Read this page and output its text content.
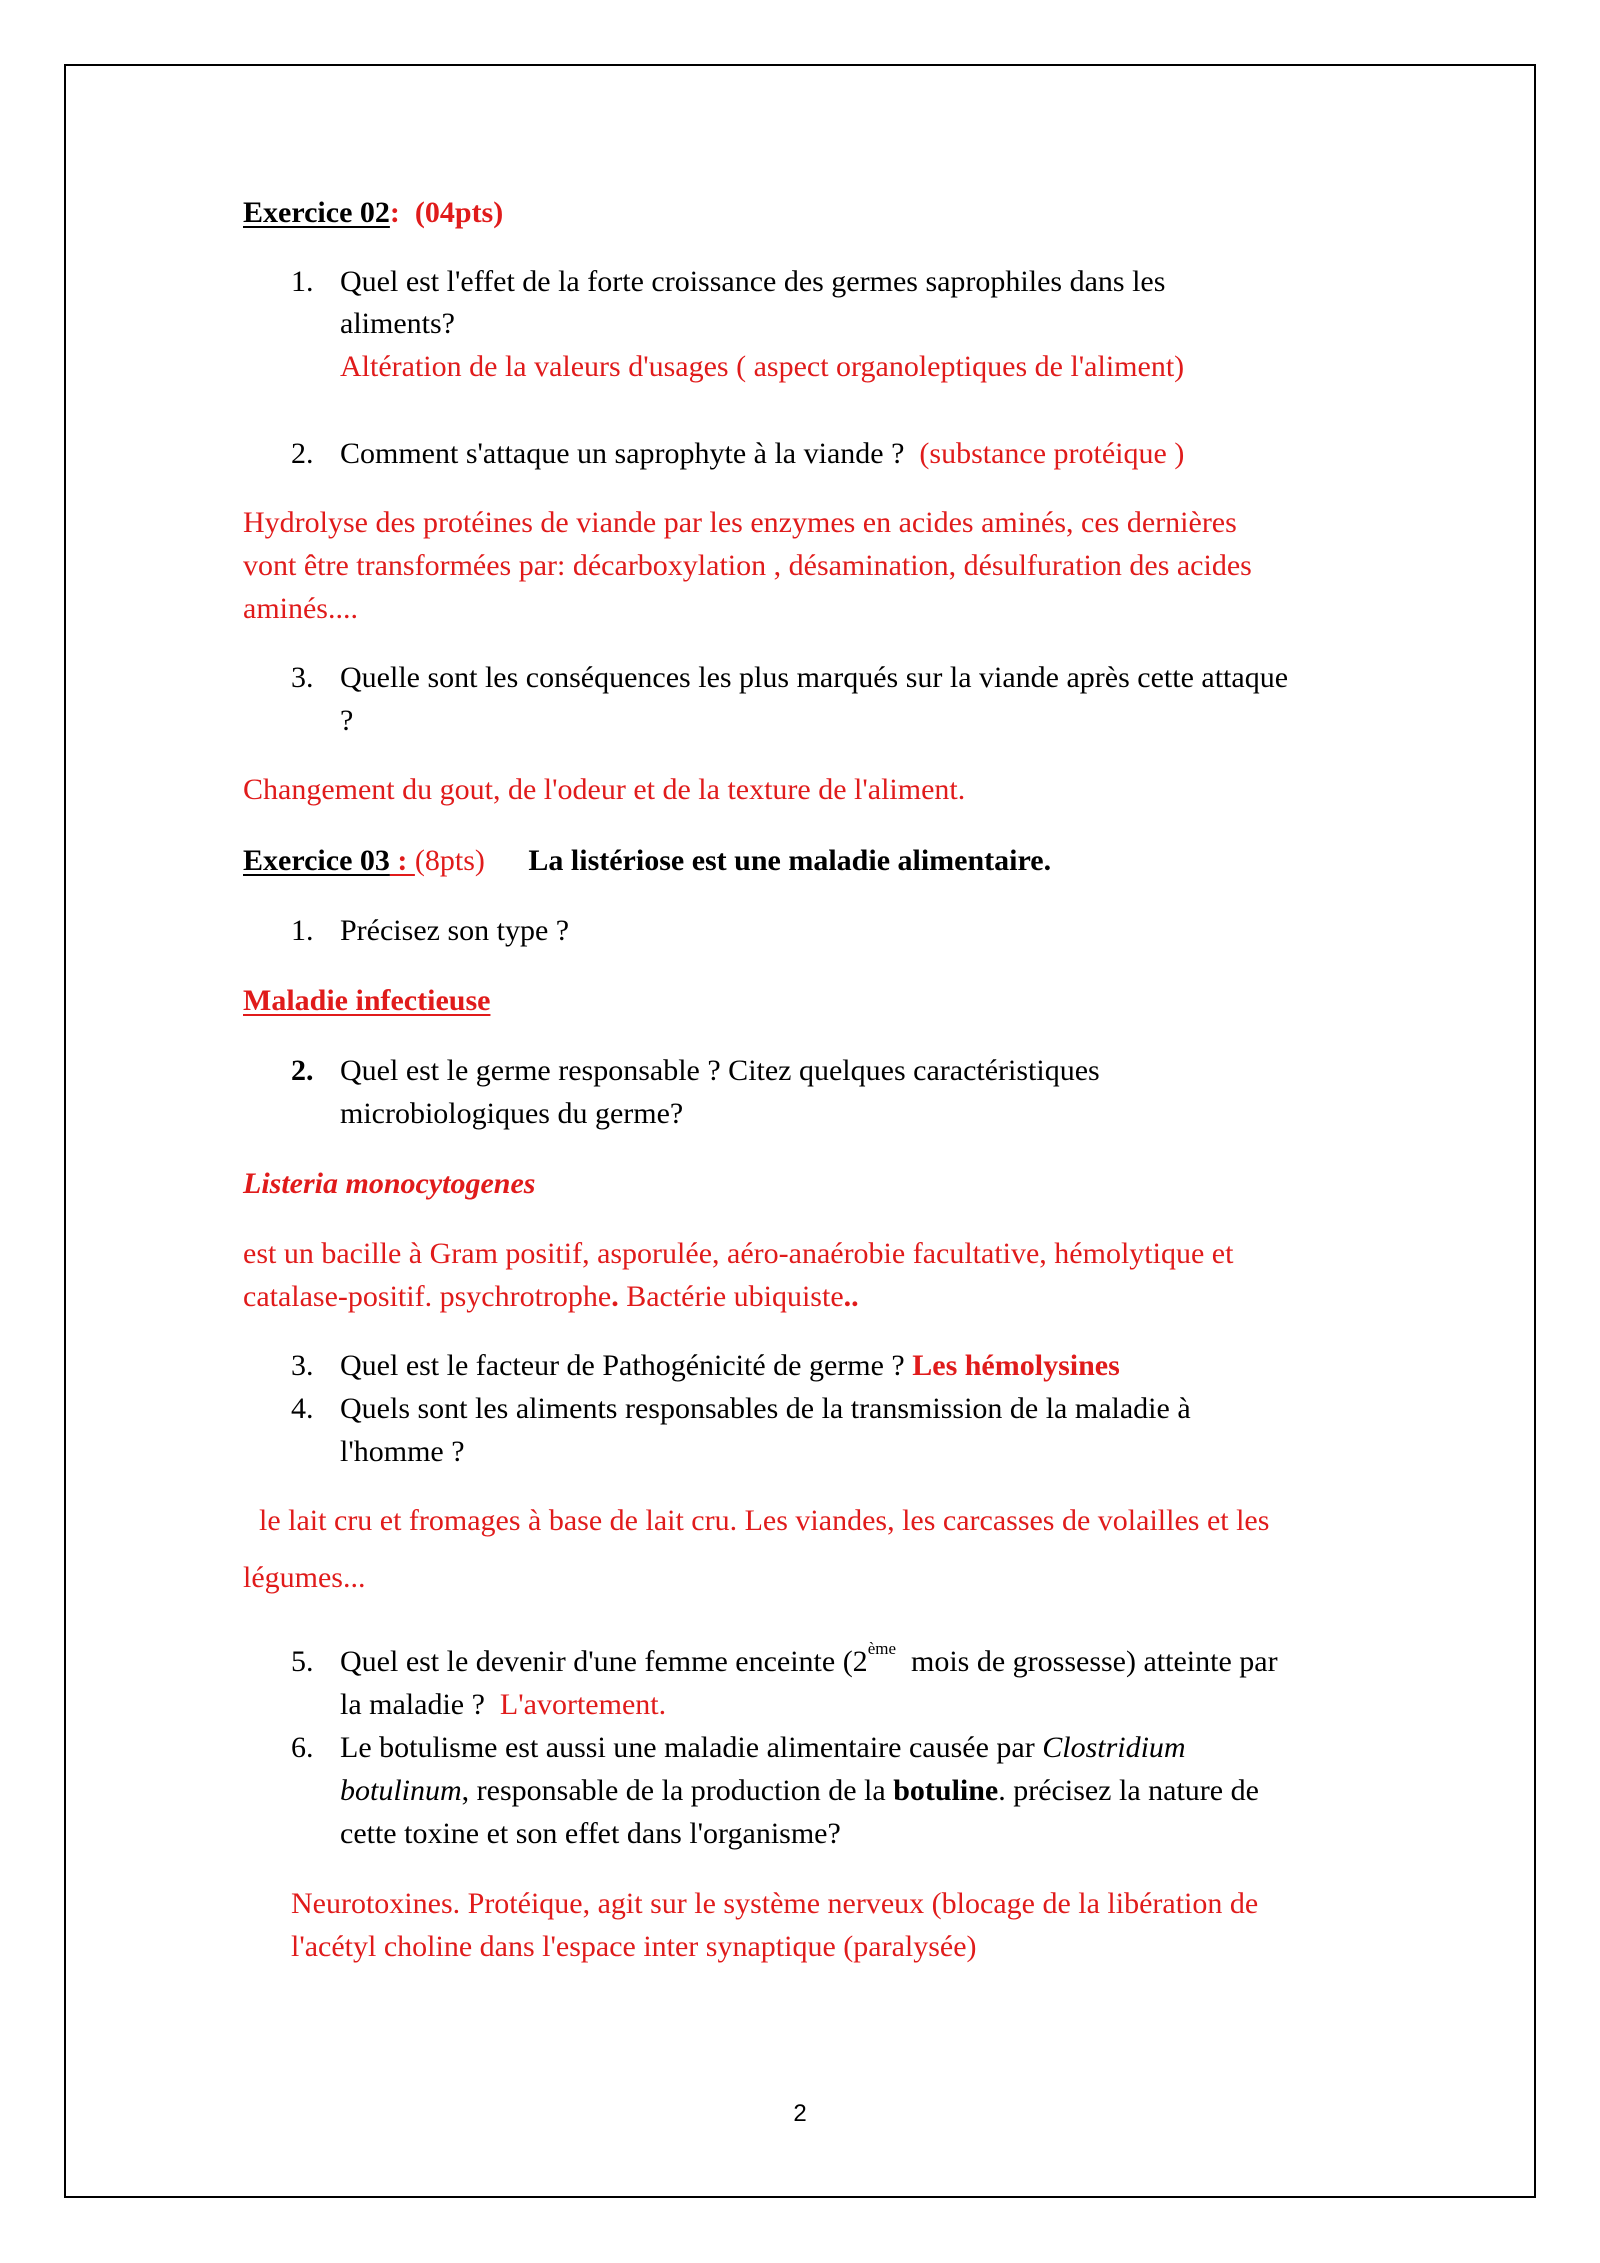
Exercice 02: (04pts)
1. Quel est l'effet de la forte croissance des germes saprophiles dans les
aliments?
Altération de la valeurs d'usages ( aspect organoleptiques de l'aliment)
2. Comment s'attaque un saprophyte à la viande ? (substance protéique )
Hydrolyse des protéines de viande par les enzymes en acides aminés, ces dernières
vont être transformées par: décarboxylation , désamination, désulfuration des acides
aminés....
3. Quelle sont les conséquences les plus marqués sur la viande après cette attaque
?
Changement du gout, de l'odeur et de la texture de l'aliment.
Exercice 03 : (8pts) La listériose est une maladie alimentaire.
1. Précisez son type ?
Maladie infectieuse
2. Quel est le germe responsable ? Citez quelques caractéristiques
microbiologiques du germe?
Listeria monocytogenes
est un bacille à Gram positif, asporulée, aéro-anaérobie facultative, hémolytique et
catalase-positif. psychrotrophe. Bactérie ubiquiste..
3. Quel est le facteur de Pathogénicité de germe ? Les hémolysines
4. Quels sont les aliments responsables de la transmission de la maladie à
l'homme ?
le lait cru et fromages à base de lait cru. Les viandes, les carcasses de volailles et les
légumes...
5. Quel est le devenir d'une femme enceinte (2ème  mois de grossesse) atteinte par
la maladie ? L'avortement.
6. Le botulisme est aussi une maladie alimentaire causée par Clostridium
botulinum, responsable de la production de la botuline. précisez la nature de
cette toxine et son effet dans l'organisme?
Neurotoxines. Protéique, agit sur le système nerveux (blocage de la libération de
l'acétyl choline dans l'espace inter synaptique (paralysée)
2
